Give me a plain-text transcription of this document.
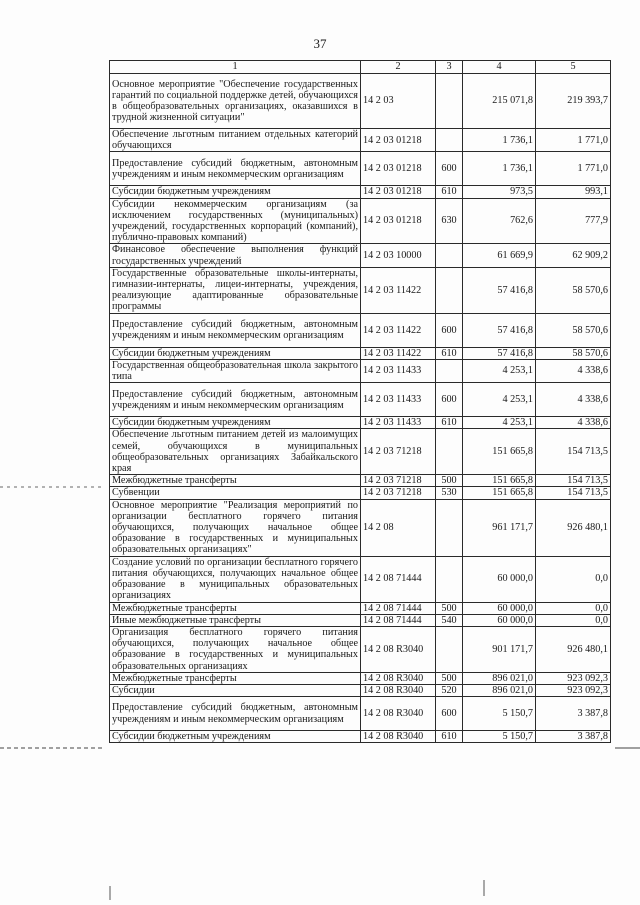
37
1	2	3	4	5
Основное мероприятие "Обеспечение государственных гарантий по социальной поддержке детей, обучающихся в общеобразовательных организациях, оказавшихся в трудной жизненной ситуации"	14 2 03		215 071,8	219 393,7
Обеспечение льготным питанием отдельных категорий обучающихся	14 2 03 01218		1 736,1	1 771,0
Предоставление субсидий бюджетным, автономным учреждениям и иным некоммерческим организациям	14 2 03 01218	600	1 736,1	1 771,0
Субсидии бюджетным учреждениям	14 2 03 01218	610	973,5	993,1
Субсидии некоммерческим организациям (за исключением государственных (муниципальных) учреждений, государственных корпораций (компаний), публично-правовых компаний)	14 2 03 01218	630	762,6	777,9
Финансовое обеспечение выполнения функций государственных учреждений	14 2 03 10000		61 669,9	62 909,2
Государственные образовательные школы-интернаты, гимназии-интернаты, лицеи-интернаты, учреждения, реализующие адаптированные образовательные программы	14 2 03 11422		57 416,8	58 570,6
Предоставление субсидий бюджетным, автономным учреждениям и иным некоммерческим организациям	14 2 03 11422	600	57 416,8	58 570,6
Субсидии бюджетным учреждениям	14 2 03 11422	610	57 416,8	58 570,6
Государственная общеобразовательная школа закрытого типа	14 2 03 11433		4 253,1	4 338,6
Предоставление субсидий бюджетным, автономным учреждениям и иным некоммерческим организациям	14 2 03 11433	600	4 253,1	4 338,6
Субсидии бюджетным учреждениям	14 2 03 11433	610	4 253,1	4 338,6
Обеспечение льготным питанием детей из малоимущих семей, обучающихся в муниципальных общеобразовательных организациях Забайкальского края	14 2 03 71218		151 665,8	154 713,5
Межбюджетные трансферты	14 2 03 71218	500	151 665,8	154 713,5
Субвенции	14 2 03 71218	530	151 665,8	154 713,5
Основное мероприятие "Реализация мероприятий по организации бесплатного горячего питания обучающихся, получающих начальное общее образование в государственных и муниципальных образовательных организациях"	14 2 08		961 171,7	926 480,1
Создание условий по организации бесплатного горячего питания обучающихся, получающих начальное общее образование в муниципальных образовательных организациях	14 2 08 71444		60 000,0	0,0
Межбюджетные трансферты	14 2 08 71444	500	60 000,0	0,0
Иные межбюджетные трансферты	14 2 08 71444	540	60 000,0	0,0
Организация бесплатного горячего питания обучающихся, получающих начальное общее образование в государственных и муниципальных образовательных организациях	14 2 08 R3040		901 171,7	926 480,1
Межбюджетные трансферты	14 2 08 R3040	500	896 021,0	923 092,3
Субсидии	14 2 08 R3040	520	896 021,0	923 092,3
Предоставление субсидий бюджетным, автономным учреждениям и иным некоммерческим организациям	14 2 08 R3040	600	5 150,7	3 387,8
Субсидии бюджетным учреждениям	14 2 08 R3040	610	5 150,7	3 387,8
